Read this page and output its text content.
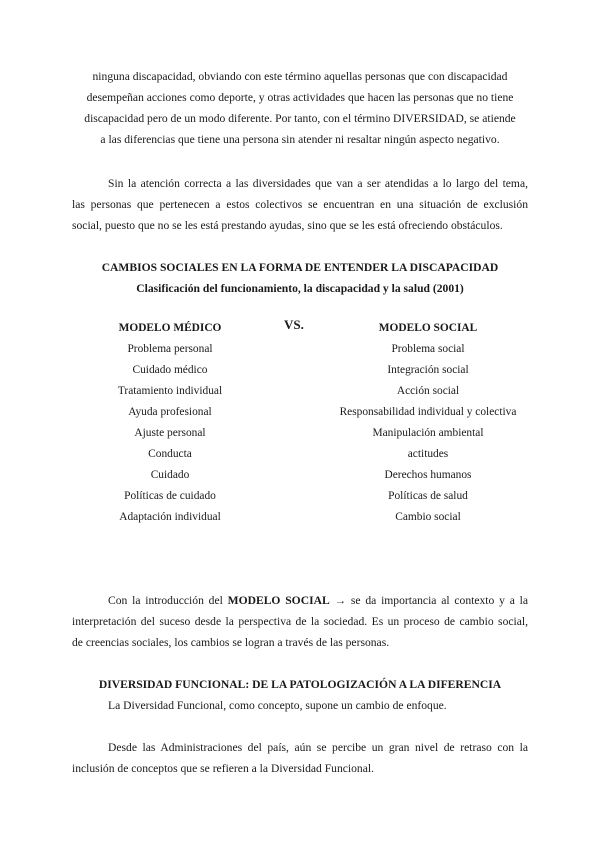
ninguna discapacidad, obviando con este término aquellas personas que con discapacidad
desempeñan acciones como deporte, y otras actividades que hacen las personas que no tiene
discapacidad pero de un modo diferente. Por tanto, con el término DIVERSIDAD, se atiende
a las diferencias que tiene una persona sin atender ni resaltar ningún aspecto negativo.

Sin la atención correcta a las diversidades que van a ser atendidas a lo largo del tema,

las personas que pertenecen a estos colectivos se encuentran en una situación de exclusión

social, puesto que no se les está prestando ayudas, sino que se les está ofreciendo obstáculos.

CAMBIOS SOCIALES EN LA FORMA DE ENTENDER LA DISCAPACIDAD
Clasificación del funcionamiento, la discapacidad y la salud (2001)
MODELO MÉDICO
Problema personal
Cuidado médico
Tratamiento individual
Ayuda profesional
Ajuste personal
Conducta
Cuidado
Políticas de cuidado
Adaptación individual
VS.	MODELO SOCIAL
Problema social
Integración social
Acción social
Responsabilidad individual y colectiva
Manipulación ambiental
actitudes
Derechos humanos
Políticas de salud
Cambio social

Con la introducción del MODELO SOCIAL → se da importancia al contexto y a la

interpretación del suceso desde la perspectiva de la sociedad. Es un proceso de cambio social,

de creencias sociales, los cambios se logran a través de las personas.

DIVERSIDAD FUNCIONAL: DE LA PATOLOGIZACIÓN A LA DIFERENCIA
La Diversidad Funcional, como concepto, supone un cambio de enfoque.

Desde las Administraciones del país, aún se percibe un gran nivel de retraso con la

inclusión de conceptos que se refieren a la Diversidad Funcional.
